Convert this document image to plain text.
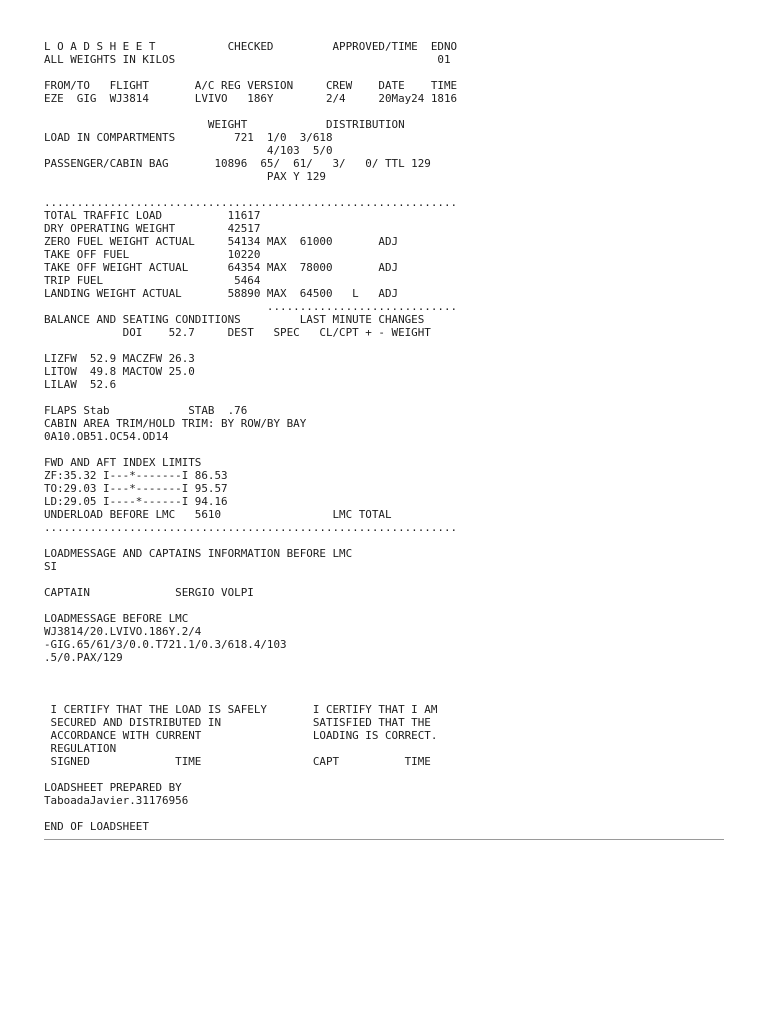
L O A D S H E E T           CHECKED         APPROVED/TIME  EDNO
ALL WEIGHTS IN KILOS                                        01
FROM/TO   FLIGHT       A/C REG VERSION     CREW    DATE    TIME
EZE  GIG  WJ3814       LVIVO   186Y        2/4     20May24 1816
WEIGHT            DISTRIBUTION
LOAD IN COMPARTMENTS         721  1/0  3/618
4/103  5/0
PASSENGER/CABIN BAG       10896  65/  61/   3/   0/ TTL 129
PAX Y 129
...............................................................
TOTAL TRAFFIC LOAD          11617
DRY OPERATING WEIGHT        42517
ZERO FUEL WEIGHT ACTUAL     54134 MAX  61000       ADJ
TAKE OFF FUEL               10220
TAKE OFF WEIGHT ACTUAL      64354 MAX  78000       ADJ
TRIP FUEL                    5464
LANDING WEIGHT ACTUAL       58890 MAX  64500   L   ADJ
.............................
BALANCE AND SEATING CONDITIONS         LAST MINUTE CHANGES
DOI    52.7     DEST   SPEC   CL/CPT + - WEIGHT
LIZFW  52.9 MACZFW 26.3
LITOW  49.8 MACTOW 25.0
LILAW  52.6
FLAPS Stab            STAB  .76
CABIN AREA TRIM/HOLD TRIM: BY ROW/BY BAY
0A10.OB51.OC54.OD14
FWD AND AFT INDEX LIMITS
ZF:35.32 I---*-------I 86.53
TO:29.03 I---*-------I 95.57
LD:29.05 I----*------I 94.16
UNDERLOAD BEFORE LMC   5610                 LMC TOTAL
...............................................................
LOADMESSAGE AND CAPTAINS INFORMATION BEFORE LMC
SI
CAPTAIN             SERGIO VOLPI
LOADMESSAGE BEFORE LMC
WJ3814/20.LVIVO.186Y.2/4
-GIG.65/61/3/0.0.T721.1/0.3/618.4/103
.5/0.PAX/129
I CERTIFY THAT THE LOAD IS SAFELY       I CERTIFY THAT I AM
SECURED AND DISTRIBUTED IN              SATISFIED THAT THE
ACCORDANCE WITH CURRENT                 LOADING IS CORRECT.
REGULATION
SIGNED             TIME                 CAPT          TIME
LOADSHEET PREPARED BY
TaboadaJavier.31176956
END OF LOADSHEET
